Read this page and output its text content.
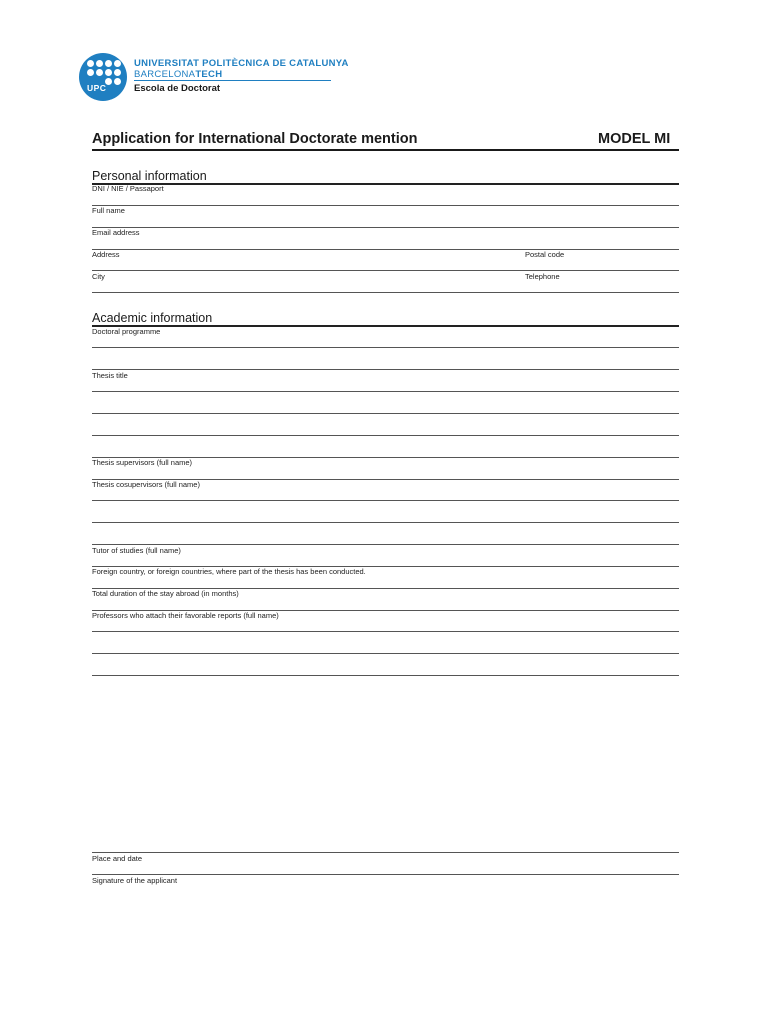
UPC
UNIVERSITAT POLITÈCNICA DE CATALUNYA
BARCELONATECH
Escola de Doctorat
Application for International Doctorate mention	MODEL MI
Personal information
DNI / NIE / Passaport
Full name
Email address
Address	Postal code
City	Telephone
Academic information
Doctoral programme
Thesis title
Thesis supervisors (full name)
Thesis cosupervisors (full name)
Tutor of studies (full name)
Foreign country, or foreign countries, where part of the thesis has been conducted.
Total duration of the stay abroad (in months)
Professors who attach their favorable reports (full name)
Place and date
Signature of the applicant
